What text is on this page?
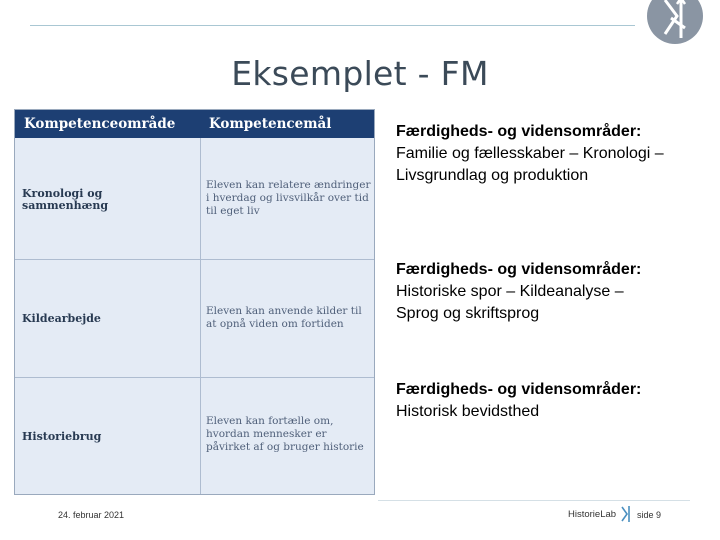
Eksemplet - FM
Kompetenceområde Kompetencemål
Kronologi og
sammenhæng
Eleven kan relatere ændringer
i hverdag og livsvilkår over tid
til eget liv
Kildearbejde
Eleven kan anvende kilder til
at opnå viden om fortiden
Historiebrug
Eleven kan fortælle om,
hvordan mennesker er
påvirket af og bruger historie
Færdigheds- og vidensområder:
Familie og fællesskaber – Kronologi –
Livsgrundlag og produktion
Færdigheds- og vidensområder:
Historiske spor – Kildeanalyse –
Sprog og skriftsprog
Færdigheds- og vidensområder:
Historisk bevidsthed
24. februar 2021	HistorieLab side 9
